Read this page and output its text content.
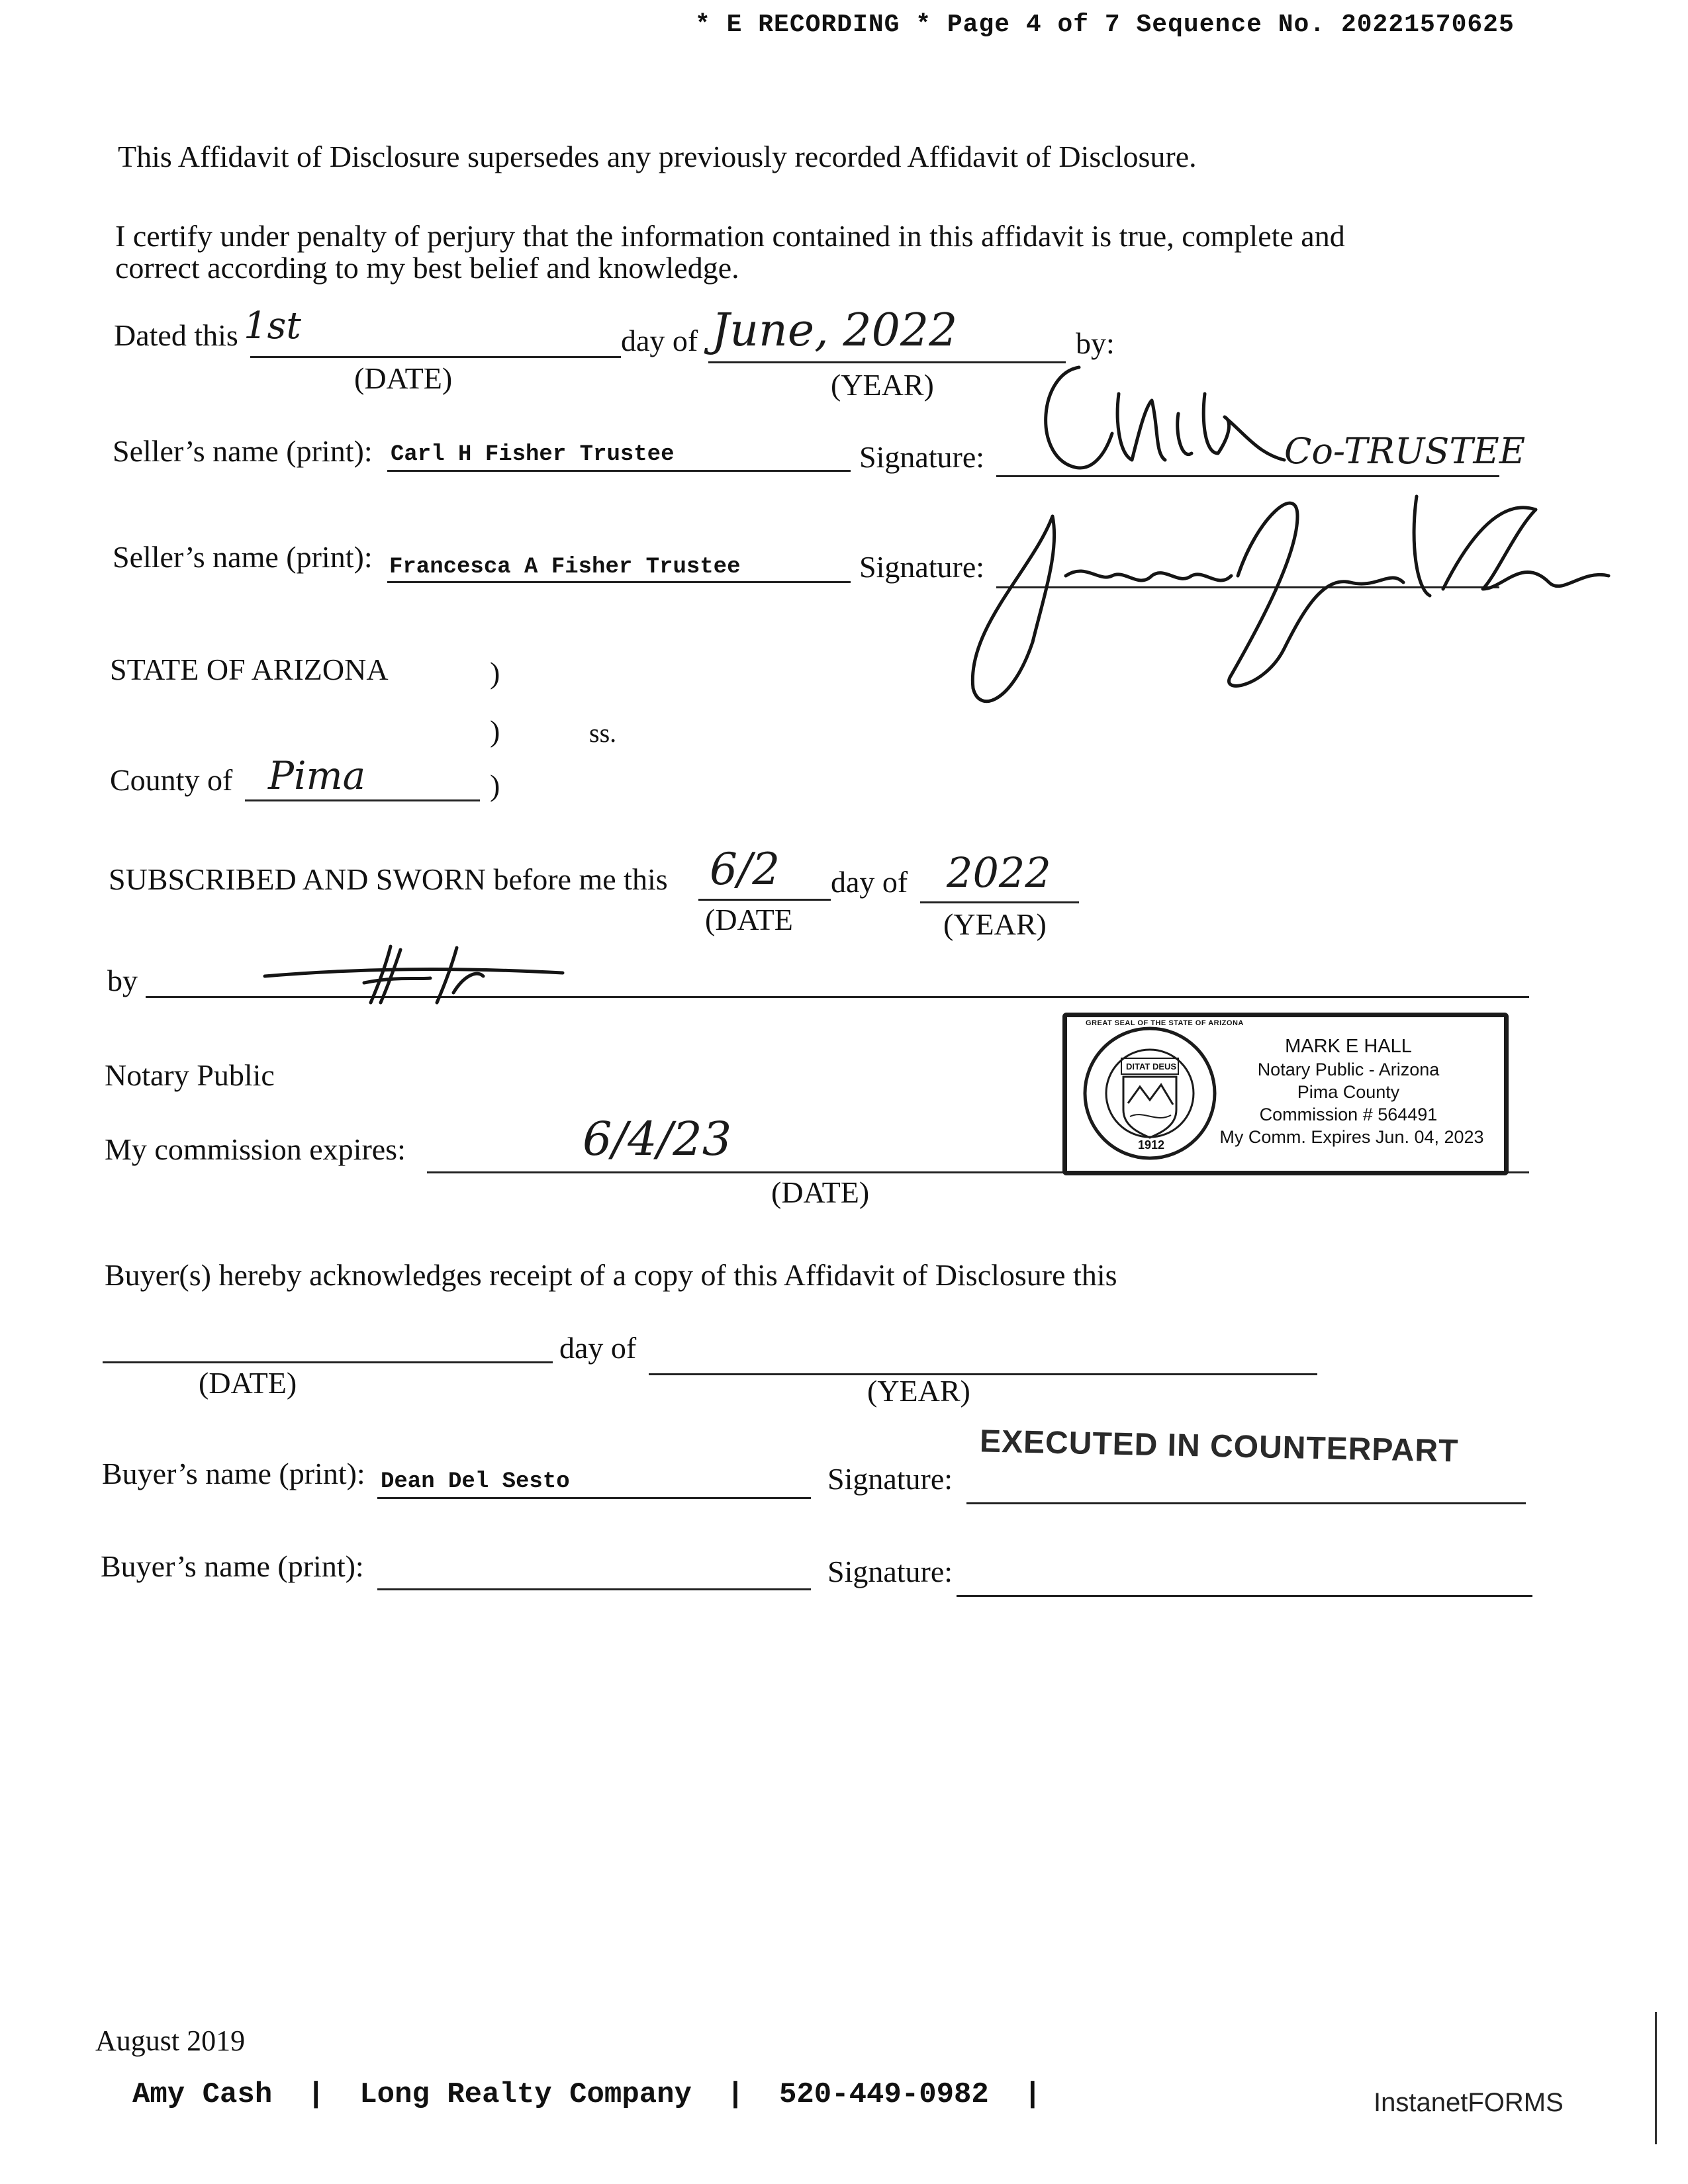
* E RECORDING * Page 4 of 7 Sequence No. 20221570625
This Affidavit of Disclosure supersedes any previously recorded Affidavit of Disclosure.
I certify under penalty of perjury that the information contained in this affidavit is true, complete and
correct according to my best belief and knowledge.
Dated this 1st	day of June, 2022	by:
(DATE)	(YEAR)
Seller’s name (print): Carl H Fisher Trustee	Signature:	Co-TRUSTEE
Seller’s name (print): Francesca A Fisher Trustee	Signature:
STATE OF ARIZONA	)
)	ss.
County of Pima	)
SUBSCRIBED AND SWORN before me this 6/2 day of 2022
(DATE	(YEAR)
by
Notary Public
My commission expires:	6/4/23
(DATE)
DITAT DEUS
1912
GREAT SEAL OF THE STATE OF ARIZONA
MARK E HALL
Notary Public - Arizona
Pima County
Commission # 564491
My Comm. Expires Jun. 04, 2023
Buyer(s) hereby acknowledges receipt of a copy of this Affidavit of Disclosure this
day of
(DATE)	(YEAR)
Buyer’s name (print): Dean Del Sesto	Signature:
EXECUTED IN COUNTERPART
Buyer’s name (print):	Signature:
August 2019
Amy Cash  |  Long Realty Company  |  520-449-0982  |	InstanetFORMS
